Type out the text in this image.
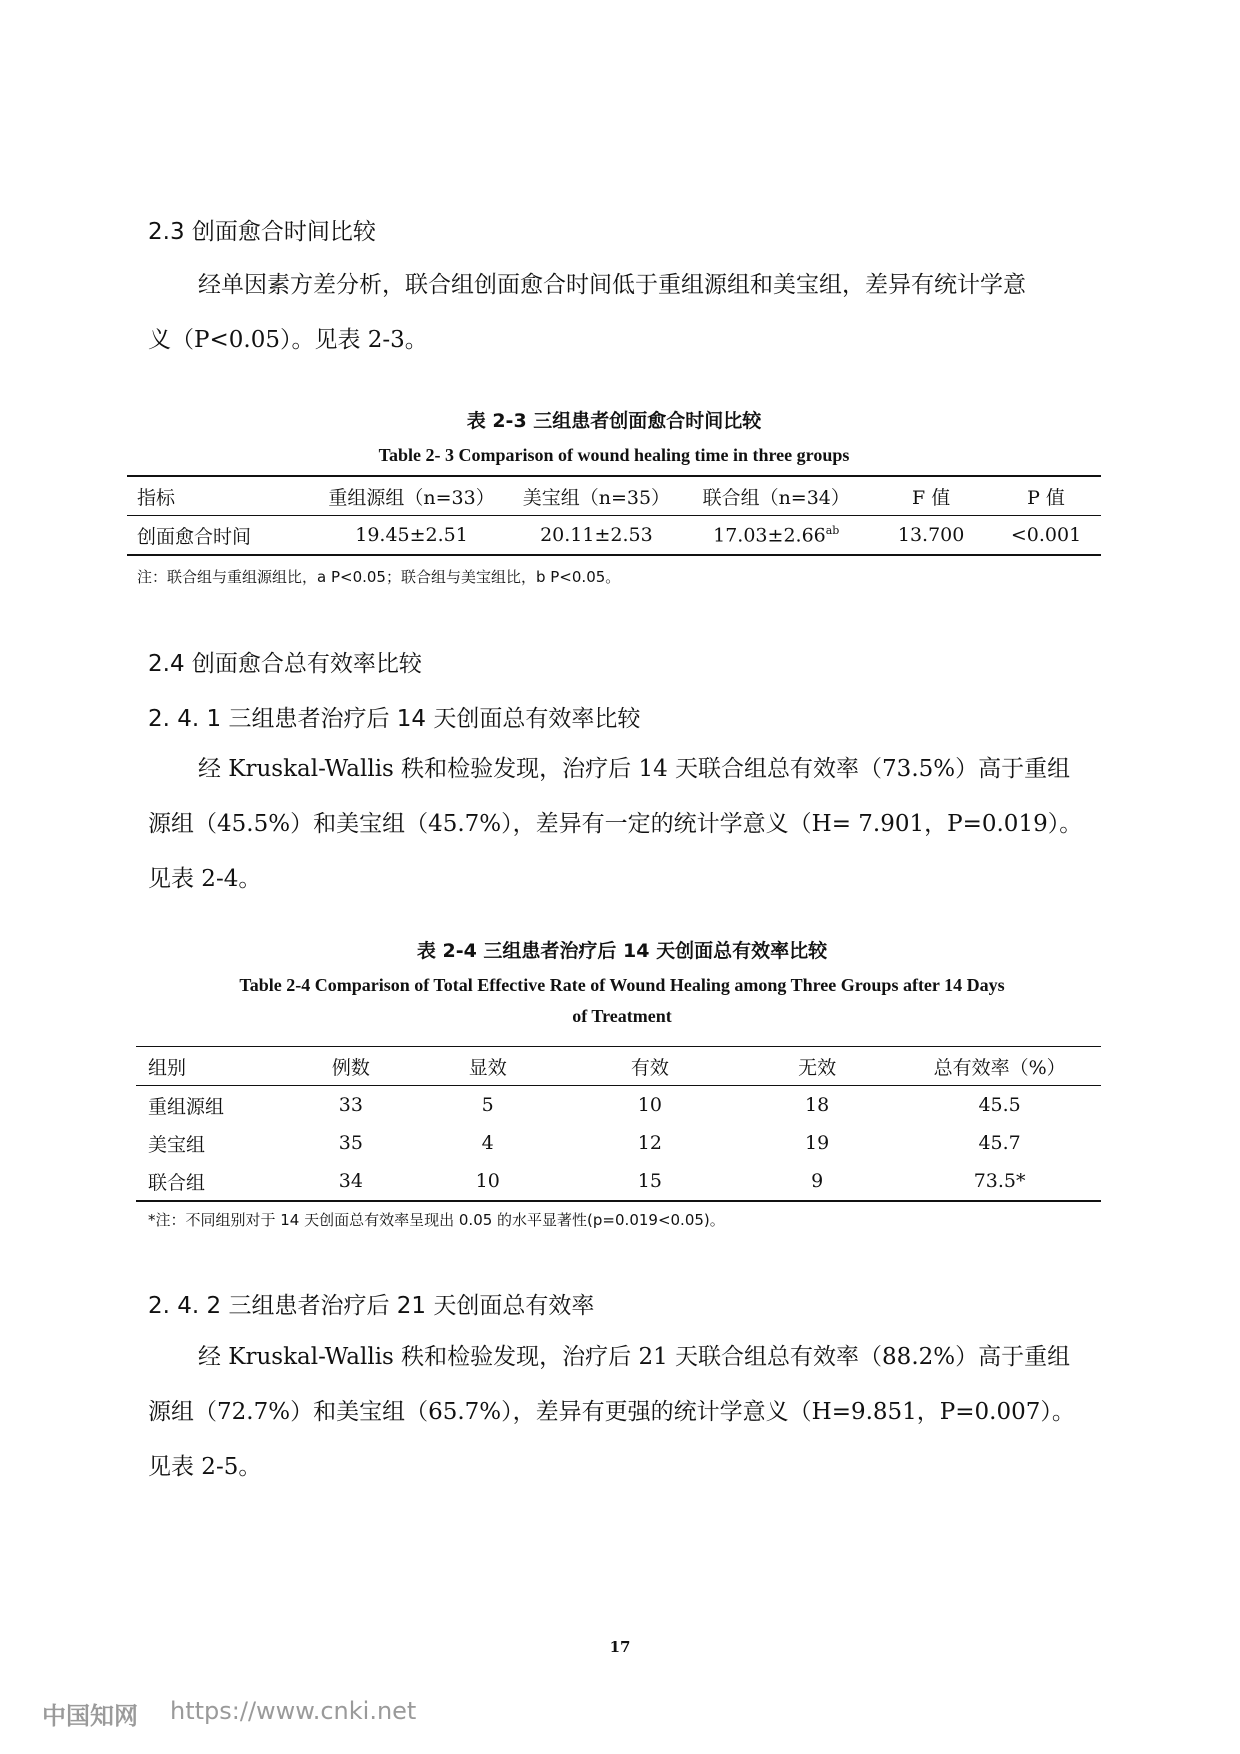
2.3 创面愈合时间比较
经单因素方差分析，联合组创面愈合时间低于重组源组和美宝组，差异有统计学意
义（P<0.05）。见表 2-3。
表 2-3 三组患者创面愈合时间比较
Table 2- 3 Comparison of wound healing time in three groups
指标	重组源组（n=33）	美宝组（n=35）	联合组（n=34）	F 值	P 值
创面愈合时间	19.45±2.51	20.11±2.53	17.03±2.66$^{ab}$	13.700	<0.001
注：联合组与重组源组比，a P<0.05；联合组与美宝组比，b P<0.05。
2.4 创面愈合总有效率比较
2. 4. 1 三组患者治疗后 14 天创面总有效率比较
经 Kruskal-Wallis 秩和检验发现，治疗后 14 天联合组总有效率（73.5%）高于重组
源组（45.5%）和美宝组（45.7%），差异有一定的统计学意义（H= 7.901，P=0.019）。
见表 2-4。
表 2-4 三组患者治疗后 14 天创面总有效率比较
Table 2-4 Comparison of Total Effective Rate of Wound Healing among Three Groups after 14 Days
of Treatment
组别	例数	显效	有效	无效	总有效率（%）
重组源组	33	5	10	18	45.5
美宝组	35	4	12	19	45.7
联合组	34	10	15	9	73.5*
*注：不同组别对于 14 天创面总有效率呈现出 0.05 的水平显著性(p=0.019<0.05)。
2. 4. 2 三组患者治疗后 21 天创面总有效率
经 Kruskal-Wallis 秩和检验发现，治疗后 21 天联合组总有效率（88.2%）高于重组
源组（72.7%）和美宝组（65.7%），差异有更强的统计学意义（H=9.851，P=0.007）。
见表 2-5。
17
中国知网 https://www.cnki.net
